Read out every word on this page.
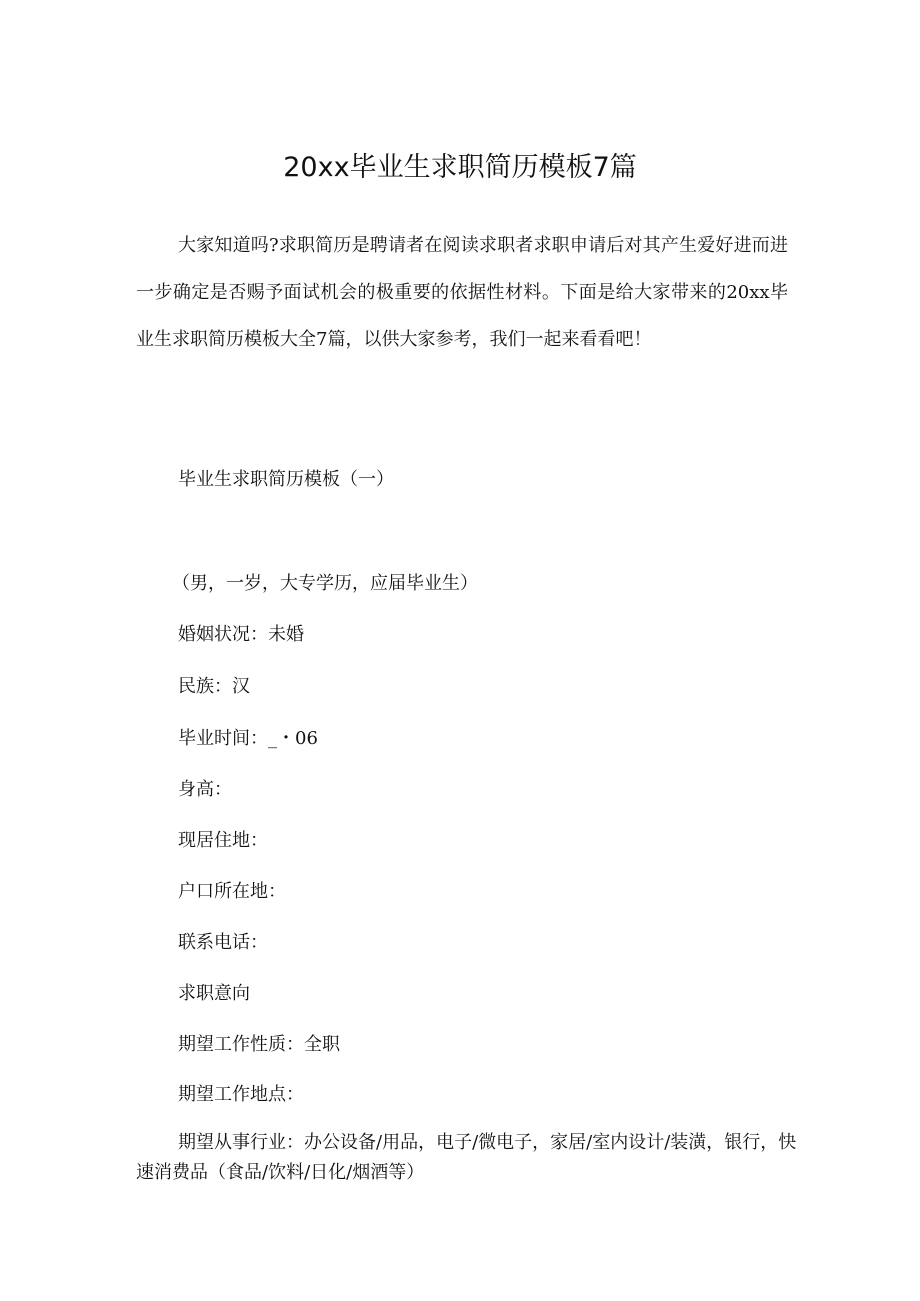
20xx毕业生求职简历模板7篇

大家知道吗?求职简历是聘请者在阅读求职者求职申请后对其产生爱好进而进一步确定是否赐予面试机会的极重要的依据性材料。下面是给大家带来的20xx毕业生求职简历模板大全7篇，以供大家参考，我们一起来看看吧！

毕业生求职简历模板（一）

（男，一岁，大专学历，应届毕业生）

婚姻状况：未婚

民族：汉

毕业时间：_・06

身高：

现居住地：

户口所在地：

联系电话：

求职意向

期望工作性质：全职

期望工作地点：

期望从事行业：办公设备/用品，电子/微电子，家居/室内设计/装潢，银行，快速消费品（食品/饮料/日化/烟酒等）
